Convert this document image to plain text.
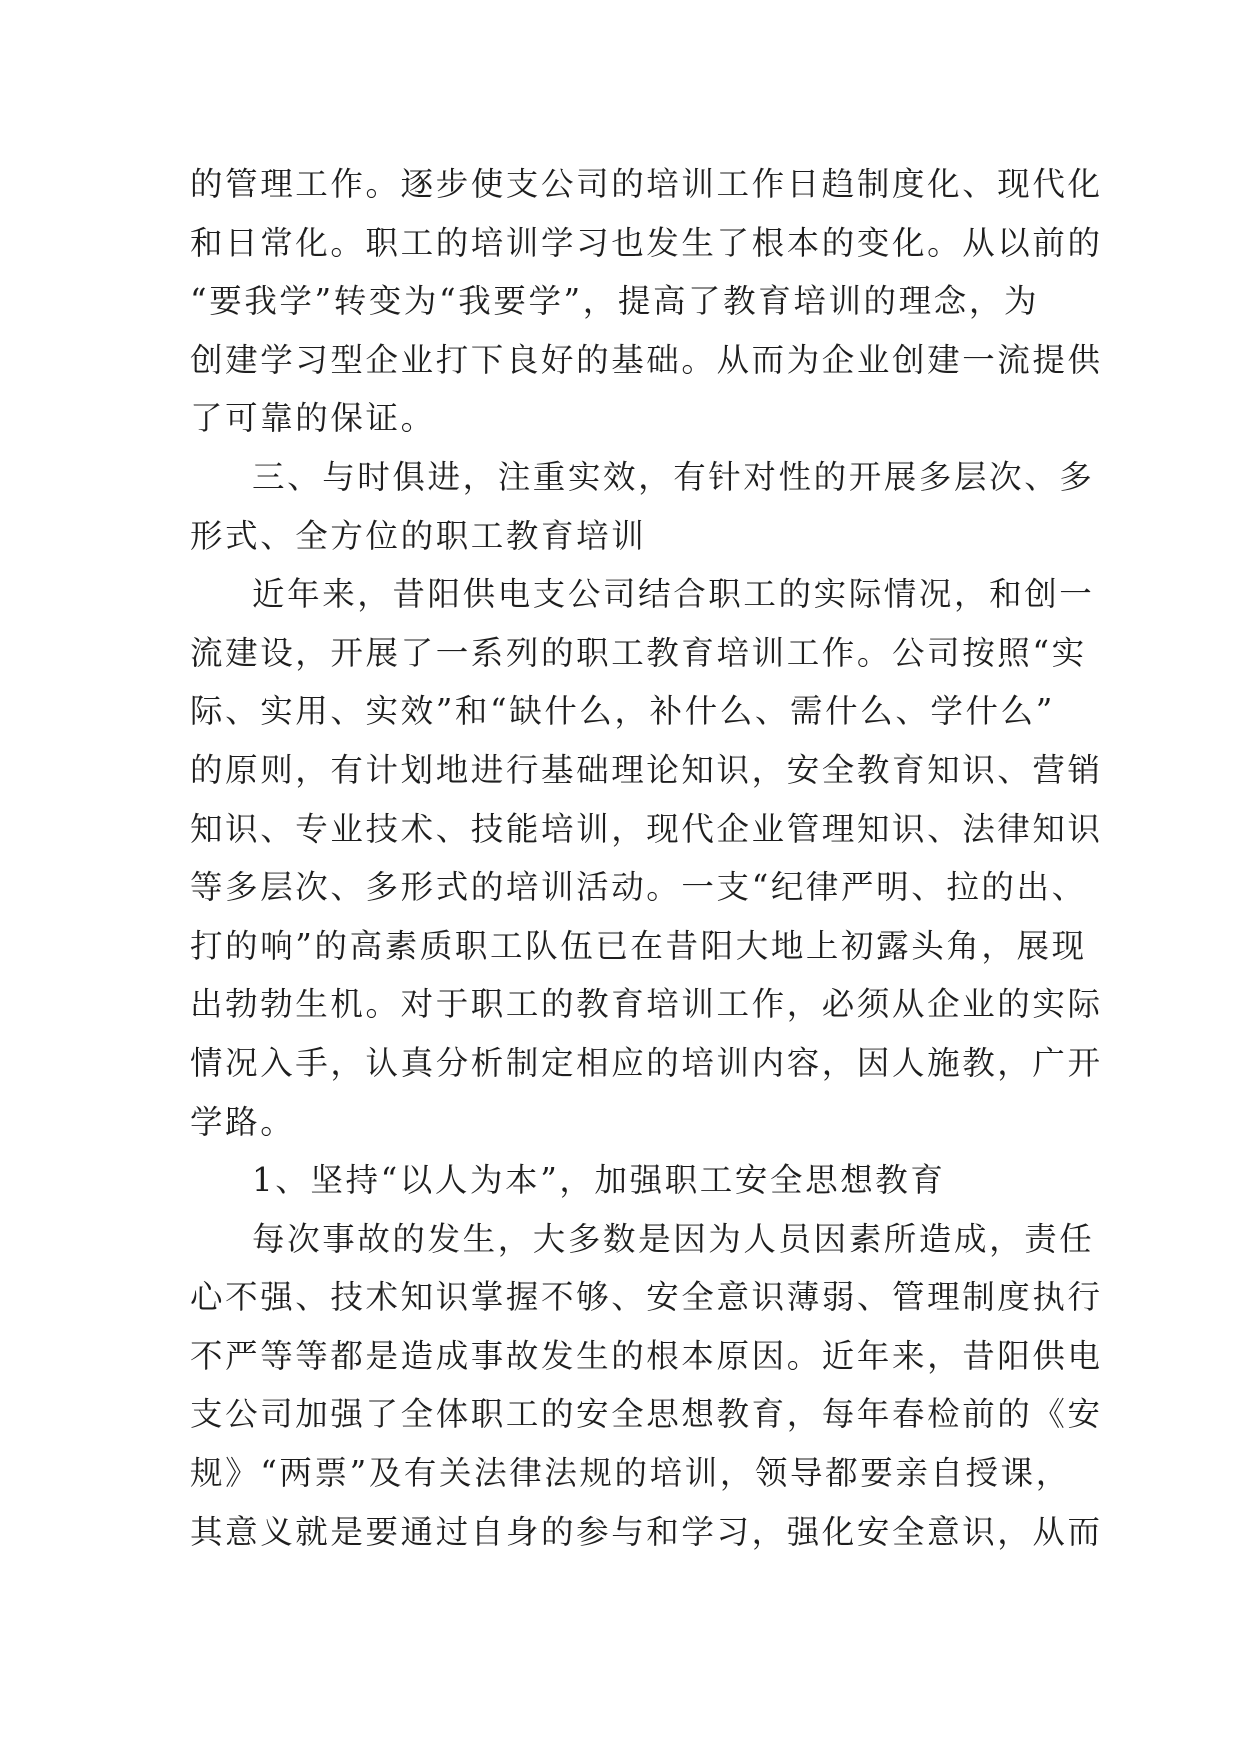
的管理工作。逐步使支公司的培训工作日趋制度化、现代化
和日常化。职工的培训学习也发生了根本的变化。从以前的
“要我学”转变为“我要学”，提高了教育培训的理念，为
创建学习型企业打下良好的基础。从而为企业创建一流提供
了可靠的保证。
三、与时俱进，注重实效，有针对性的开展多层次、多
形式、全方位的职工教育培训
近年来，昔阳供电支公司结合职工的实际情况，和创一
流建设，开展了一系列的职工教育培训工作。公司按照“实
际、实用、实效”和“缺什么，补什么、需什么、学什么”
的原则，有计划地进行基础理论知识，安全教育知识、营销
知识、专业技术、技能培训，现代企业管理知识、法律知识
等多层次、多形式的培训活动。一支“纪律严明、拉的出、
打的响”的高素质职工队伍已在昔阳大地上初露头角，展现
出勃勃生机。对于职工的教育培训工作，必须从企业的实际
情况入手，认真分析制定相应的培训内容，因人施教，广开
学路。
1、坚持“以人为本”，加强职工安全思想教育
每次事故的发生，大多数是因为人员因素所造成，责任
心不强、技术知识掌握不够、安全意识薄弱、管理制度执行
不严等等都是造成事故发生的根本原因。近年来，昔阳供电
支公司加强了全体职工的安全思想教育，每年春检前的《安
规》“两票”及有关法律法规的培训，领导都要亲自授课，
其意义就是要通过自身的参与和学习，强化安全意识，从而
